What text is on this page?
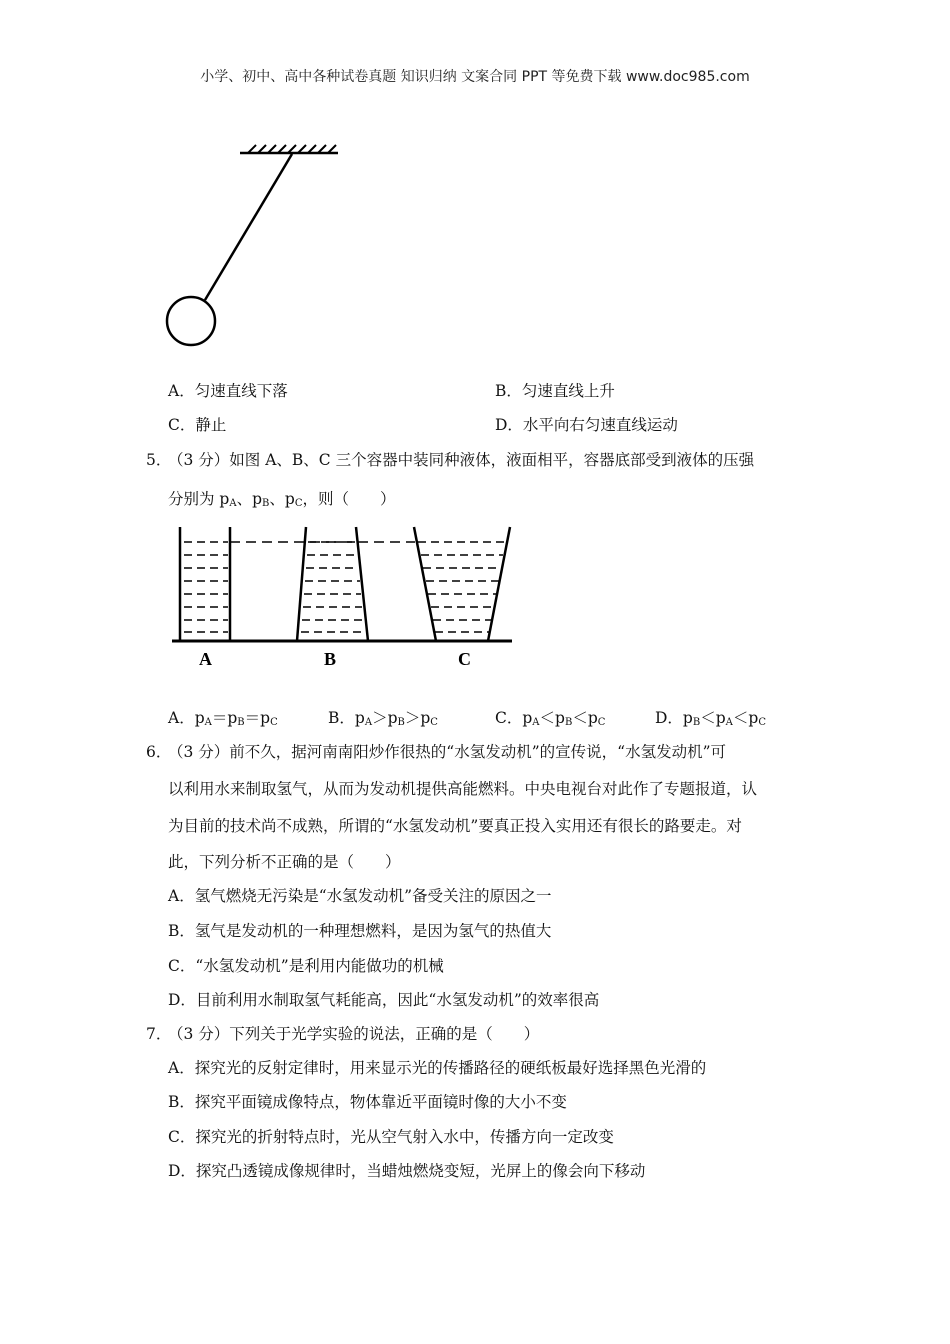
小学、初中、高中各种试卷真题 知识归纳 文案合同 PPT 等免费下载 www.doc985.com
A．匀速直线下落	B．匀速直线上升
C．静止	D．水平向右匀速直线运动
5．
（3 分）如图 A、B、C 三个容器中装同种液体，液面相平，容器底部受到液体的压强
分别为 $p_A$、$p_B$、$p_C$，则（　　）
A	B	C
A．$p_A=p_B=p_C$	B．$p_A>p_B>p_C$	C．$p_A<p_B<p_C$	D．$p_B<p_A<p_C$
6．
（3 分）前不久，据河南南阳炒作很热的“水氢发动机”的宣传说，“水氢发动机”可
以利用水来制取氢气，从而为发动机提供高能燃料。中央电视台对此作了专题报道，认
为目前的技术尚不成熟，所谓的“水氢发动机”要真正投入实用还有很长的路要走。对
此，下列分析不正确的是（　　）
A．氢气燃烧无污染是“水氢发动机”备受关注的原因之一
B．氢气是发动机的一种理想燃料，是因为氢气的热值大
C．“水氢发动机”是利用内能做功的机械
D．目前利用水制取氢气耗能高，因此“水氢发动机”的效率很高
7．
（3 分）下列关于光学实验的说法，正确的是（　　）
A．探究光的反射定律时，用来显示光的传播路径的硬纸板最好选择黑色光滑的
B．探究平面镜成像特点，物体靠近平面镜时像的大小不变
C．探究光的折射特点时，光从空气射入水中，传播方向一定改变
D．探究凸透镜成像规律时，当蜡烛燃烧变短，光屏上的像会向下移动
